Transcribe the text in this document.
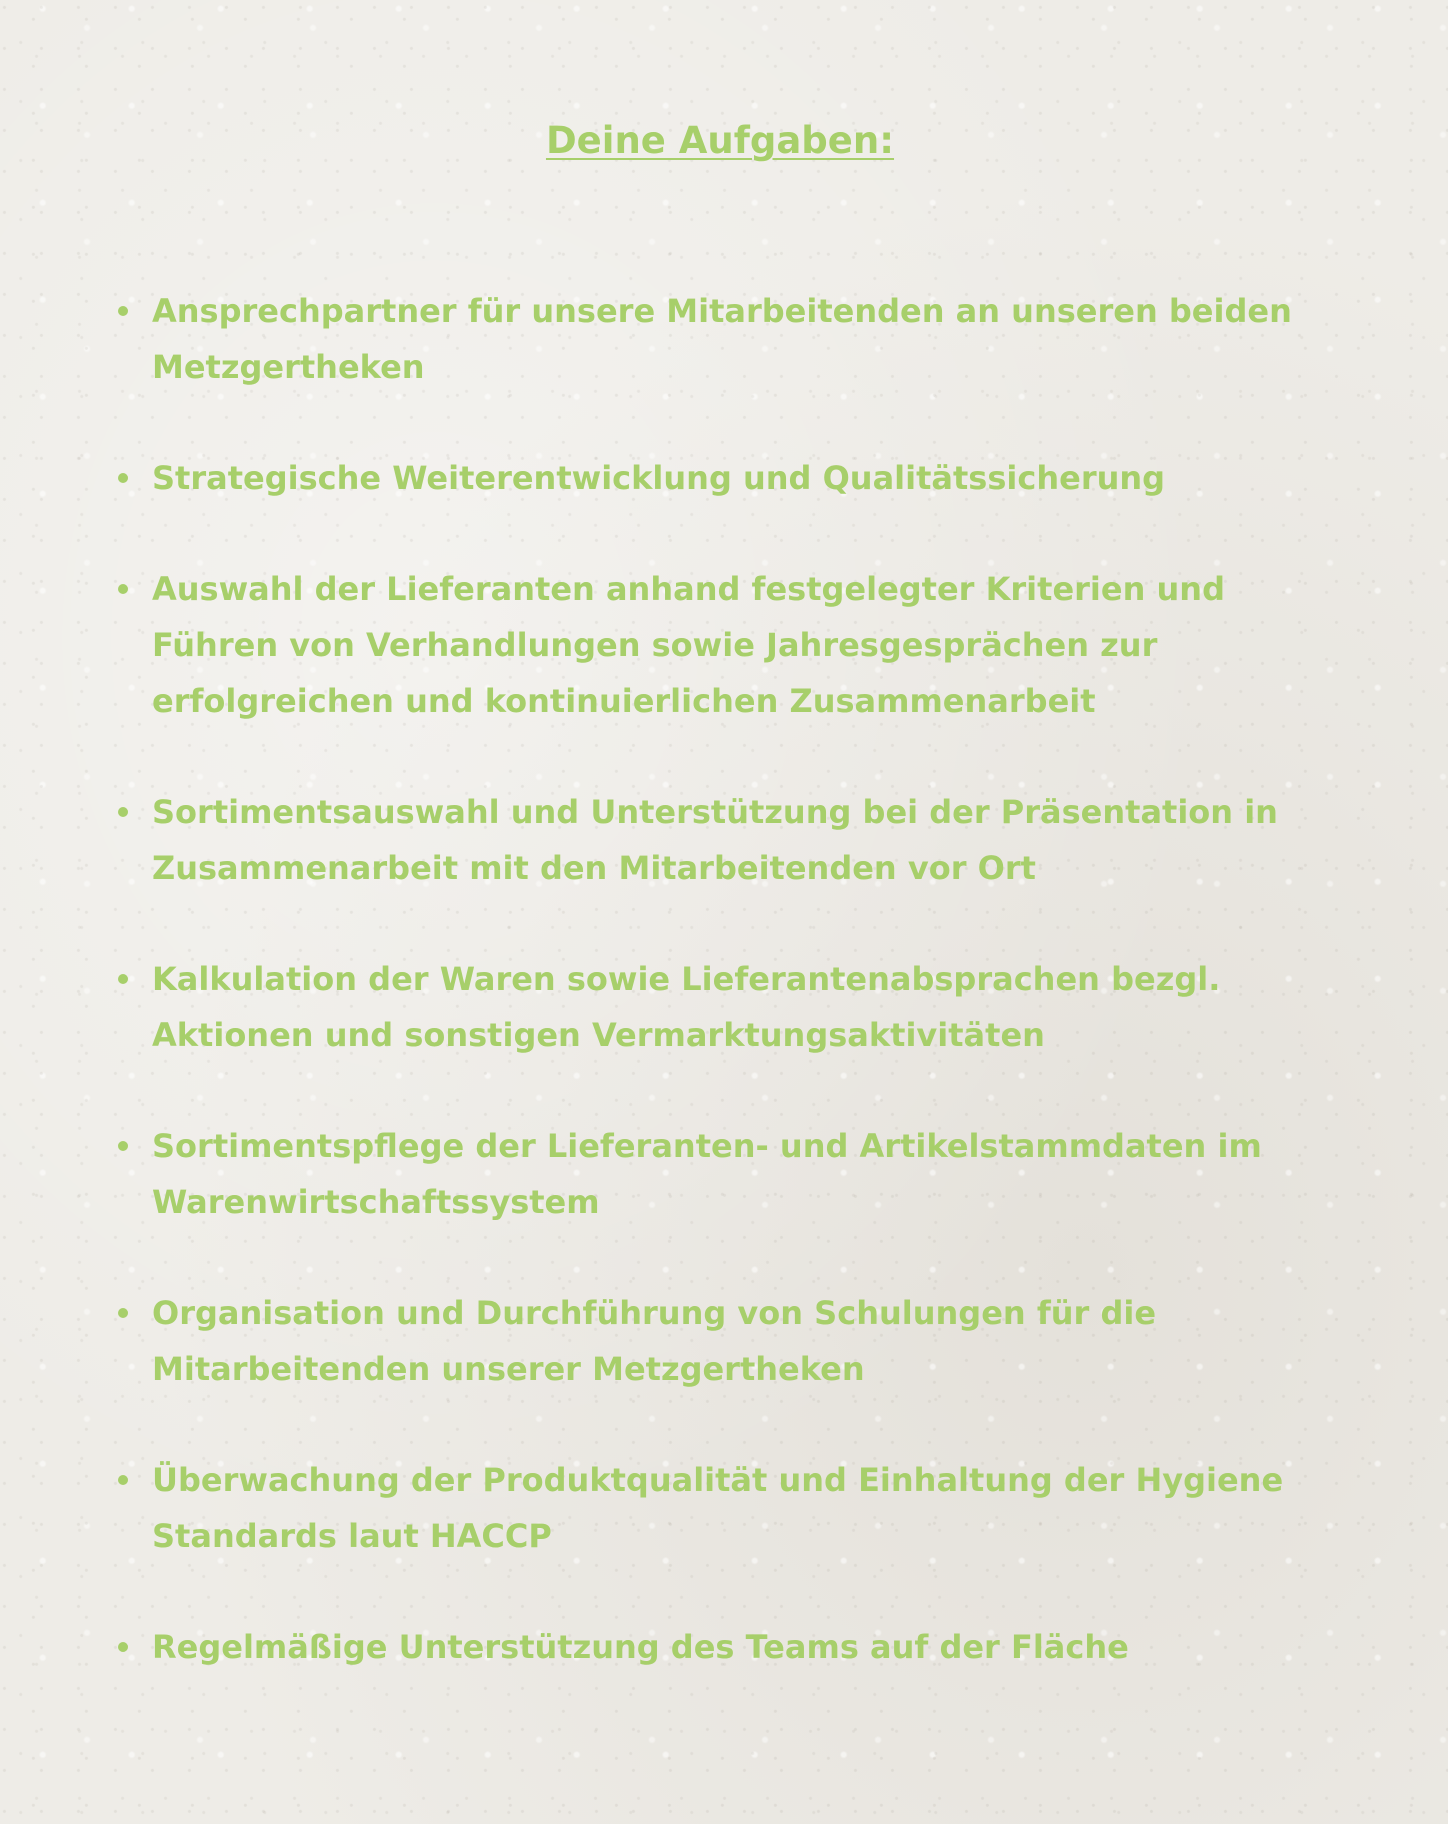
Deine Aufgaben:
Ansprechpartner für unsere Mitarbeitenden an unseren beiden Metzgertheken
Strategische Weiterentwicklung und Qualitätssicherung
Auswahl der Lieferanten anhand festgelegter Kriterien und Führen von Verhandlungen sowie Jahresgesprächen zur erfolgreichen und kontinuierlichen Zusammenarbeit
Sortimentsauswahl und Unterstützung bei der Präsentation in Zusammenarbeit mit den Mitarbeitenden vor Ort
Kalkulation der Waren sowie Lieferantenabsprachen bezgl. Aktionen und sonstigen Vermarktungsaktivitäten
Sortimentspflege der Lieferanten- und Artikelstammdaten im Warenwirtschaftssystem
Organisation und Durchführung von Schulungen für die Mitarbeitenden unserer Metzgertheken
Überwachung der Produktqualität und Einhaltung der Hygiene Standards laut HACCP
Regelmäßige Unterstützung des Teams auf der Fläche
